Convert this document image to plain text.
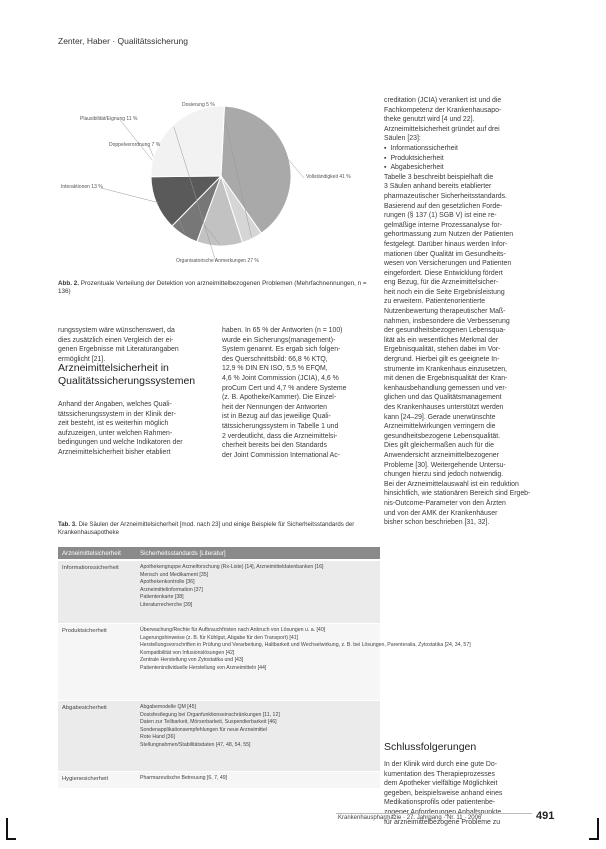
Zenter, Haber · Qualitätssicherung
Vollständigkeit 41 %
Dosierung 5 %
Plausibilität/Eignung 11 %
Doppelverordnung 7 %
Interaktionen 13 %
Organisatorische Anmerkungen 27 %
Abb. 2. Prozentuale Verteilung der Detektion von arzneimittelbezogenen Problemen (Mehrfachnennungen, n = 136)

rungssystem wäre wünschenswert, da

dies zusätzlich einen Vergleich der ei-

genen Ergebnisse mit Literaturangaben

ermöglicht [21].

Arzneimittelsicherheit in Qualitätssicherungssystemen

Anhand der Angaben, welches Quali-

tätssicherungssystem in der Klinik der-

zeit besteht, ist es weiterhin möglich

aufzuzeigen, unter welchen Rahmen-

bedingungen und welche Indikatoren der

Arzneimittelsicherheit bisher etabliert

haben. In 65 % der Antworten (n = 100)

wurde ein Sicherungs(management)-

System genannt. Es ergab sich folgen-

des Querschnittsbild: 66,8 % KTQ,

12,9 % DIN EN ISO, 5,5 % EFQM,

4,6 % Joint Commission (JCIA), 4,6 %

proCum Cert und 4,7 % andere Systeme

(z. B. Apotheke/Kammer). Die Einzel-

heit der Nennungen der Antworten

ist in Bezug auf das jeweilige Quali-

tätssicherungssystem in Tabelle 1 und

2 verdeutlicht, dass die Arzneimittelsi-

cherheit bereits bei den Standards

der Joint Commission International Ac-

Tab. 3. Die Säulen der Arzneimittelsicherheit [mod. nach 23] und einige Beispiele für Sicherheitsstandards der Krankenhausapotheke
Arzneimittelsicherheit	Sicherheitsstandards [Literatur]
Informationssicherheit	Apothekengruppe Arzneiforschung (Rx-Liste) [14], Arzneimitteldatenbanken [16]
Mensch und Medikament [35]
Apothekenkontrolle [36]
Arzneimittelinformation [37]
Patientenkarte [38]
Literaturrecherche [39]
Produktsicherheit	Überwachung/Rechte für Aufbrauchfristen nach Anbruch von Lösungen u. a. [40]
Lagerungshinweise (z. B. für Kühlgut, Abgabe für den Transport) [41]
Herstellungsvorschriften in Prüfung und Verarbeitung, Haltbarkeit und Wechselwirkung, z. B. bei Lösungen, Parenteralia, Zytostatika [24, 34, 57]
Kompatibilität von Infusionslösungen [42]
Zentrale Herstellung von Zytostatika und [43]
Patientenindividuelle Herstellung von Arzneimitteln [44]
Abgabesicherheit	Abgabemodelle QM [45]
Dosisfestlegung bei Organfunktionseinschränkungen [11, 12]
Daten zur Teilbarkeit, Mörserbarkeit, Suspendierbarkeit [46]
Sondenapplikationsempfehlungen für neue Arzneimittel
Rote Hand [36]
Stellungnahmen/Stabilitätsdaten [47, 48, 54, 55]
Hygienesicherheit	Pharmazeutische Betreuung [6, 7, 49]

creditation (JCIA) verankert ist und die

Fachkompetenz der Krankenhausapo-

theke genutzt wird [4 und 22].

Arzneimittelsicherheit gründet auf drei

Säulen [23]:

▪ Informationssicherheit
▪ Produktsicherheit
▪ Abgabesicherheit

Tabelle 3 beschreibt beispielhaft die

3 Säulen anhand bereits etablierter

pharmazeutischer Sicherheitsstandards.

Basierend auf den gesetzlichen Forde-

rungen (§ 137 (1) SGB V) ist eine re-

gelmäßige interne Prozessanalyse for-

gehortmassung zum Nutzen der Patienten

festgelegt. Darüber hinaus werden Infor-

mationen über Qualität im Gesundheits-

wesen von Versicherungen und Patienten

eingefordert. Diese Entwicklung fördert

eng Bezug, für die Arzneimittelsicher-

heit noch ein die Seite Ergebnisleistung

zu erweitern. Patientenorientierte

Nutzenbewertung therapeutischer Maß-

nahmen, insbesondere die Verbesserung

der gesundheitsbezogenen Lebensqua-

lität als ein wesentliches Merkmal der

Ergebnisqualität, stehen dabei im Vor-

dergrund. Hierbei gilt es geeignete In-

strumente im Krankenhaus einzusetzen,

mit denen die Ergebnisqualität der Kran-

kenhausbehandlung gemessen und ver-

glichen und das Qualitätsmanagement

des Krankenhauses unterstützt werden

kann [24–29]. Gerade unerwünschte

Arzneimittelwirkungen verringern die

gesundheitsbezogene Lebensqualität.

Dies gilt gleichermaßen auch für die

Anwendersicht arzneimittelbezogener

Probleme [30]. Weitergehende Untersu-

chungen hierzu sind jedoch notwendig.

Bei der Arzneimittelauswahl ist ein reduktion

hinsichtlich, wie stationären Bereich sind Ergeb-

nis-Outcome-Parameter von den Ärzten

und von der AMK der Krankenhäuser

bisher schon beschrieben [31, 32].

Schlussfolgerungen

In der Klinik wird durch eine gute Do-

kumentation des Therapieprozesses

dem Apotheker vielfältige Möglichkeit

gegeben, beispielsweise anhand eines

Medikationsprofils oder patientenbe-

für arzneimittelbezogene Probleme zu

Krankenhauspharmazie · 27. Jahrgang · Nr. 11 · 2006	491
